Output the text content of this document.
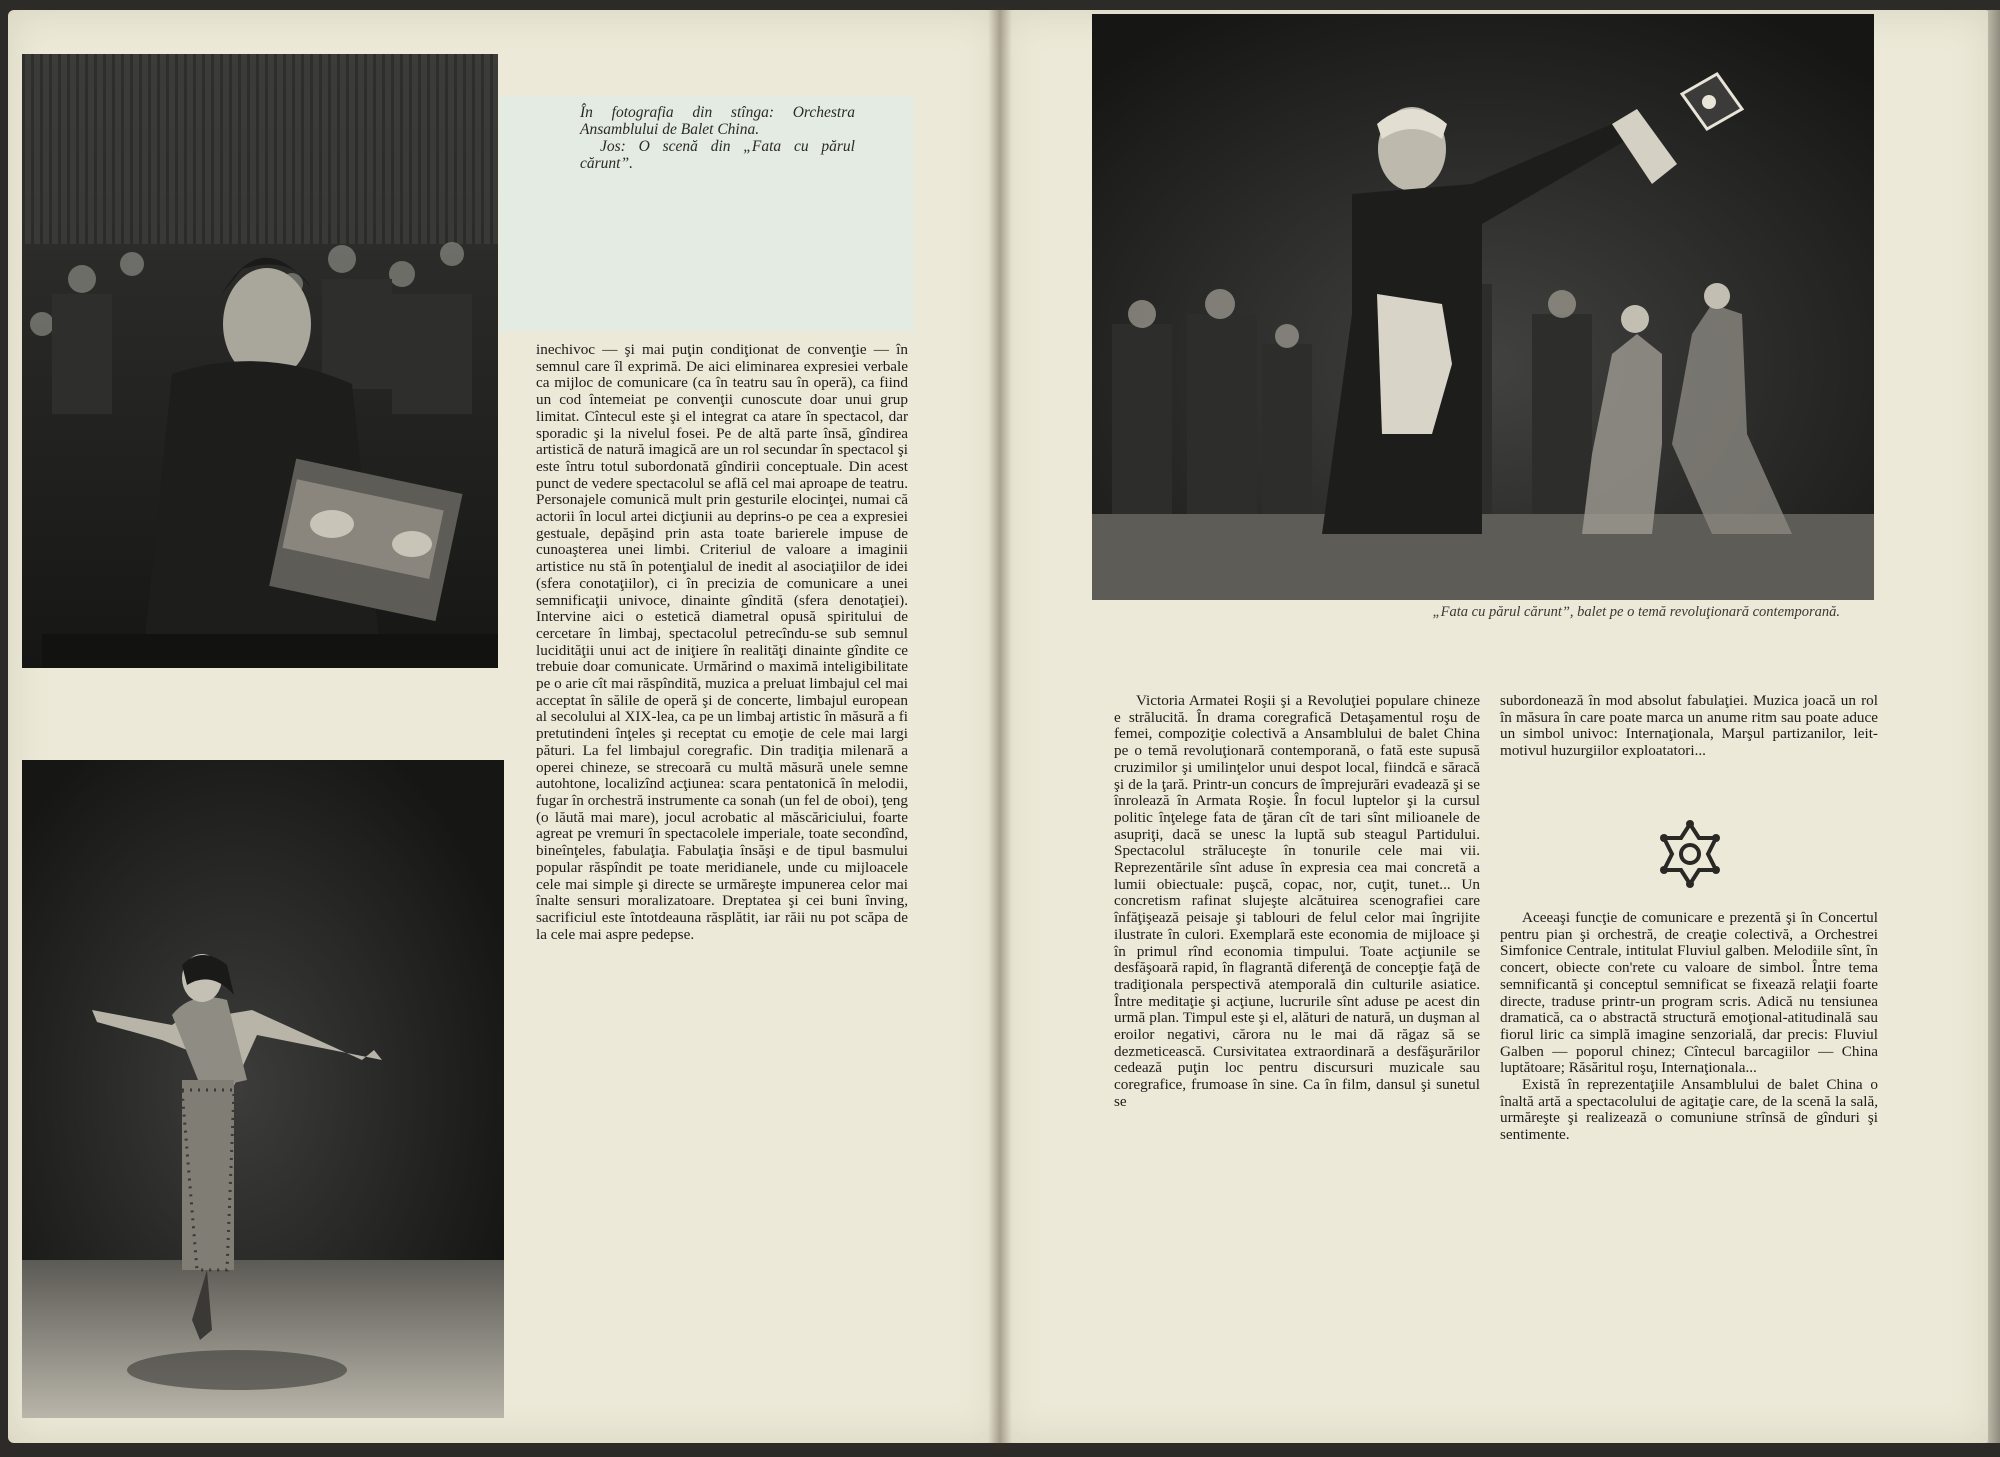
În fotografia din stînga: Orchestra Ansamblului de Balet China.

Jos: O scenă din „Fata cu părul cărunt”.

inechivoc — şi mai puţin condiţionat de convenţie — în semnul care îl exprimă. De aici eliminarea expresiei verbale ca mijloc de comunicare (ca în teatru sau în operă), ca fiind un cod întemeiat pe convenţii cunoscute doar unui grup limitat. Cîntecul este şi el integrat ca atare în spectacol, dar sporadic şi la nivelul fosei. Pe de altă parte însă, gîndirea artistică de natură imagică are un rol secundar în spectacol şi este întru totul subordonată gîndirii conceptuale. Din acest punct de vedere spectacolul se află cel mai aproape de teatru. Personajele comunică mult prin gesturile elocinţei, numai că actorii în locul artei dicţiunii au deprins-o pe cea a expresiei gestuale, depăşind prin asta toate barierele impuse de cunoaşterea unei limbi. Criteriul de valoare a imaginii artistice nu stă în potenţialul de inedit al asociaţiilor de idei (sfera conotaţiilor), ci în precizia de comunicare a unei semnificaţii univoce, dinainte gîndită (sfera denotaţiei). Intervine aici o estetică diametral opusă spiritului de cercetare în limbaj, spectacolul petrecîndu-se sub semnul lucidităţii unui act de iniţiere în realităţi dinainte gîndite ce trebuie doar comunicate. Urmărind o maximă inteligibilitate pe o arie cît mai răspîndită, muzica a preluat limbajul cel mai acceptat în sălile de operă şi de concerte, limbajul european al secolului al XIX-lea, ca pe un limbaj artistic în măsură a fi pretutindeni înţeles şi receptat cu emoţie de cele mai largi pături. La fel limbajul coregrafic. Din tradiţia milenară a operei chineze, se strecoară cu multă măsură unele semne autohtone, localizînd acţiunea: scara pentatonică în melodii, fugar în orchestră instrumente ca sonah (un fel de oboi), ţeng (o lăută mai mare), jocul acrobatic al măscăriciului, foarte agreat pe vremuri în spectacolele imperiale, toate secondînd, bineînţeles, fabulaţia. Fabulaţia însăşi e de tipul basmului popular răspîndit pe toate meridianele, unde cu mijloacele cele mai simple şi directe se urmăreşte impunerea celor mai înalte sensuri moralizatoare. Dreptatea şi cei buni înving, sacrificiul este întotdeauna răsplătit, iar răii nu pot scăpa de la cele mai aspre pedepse.

„Fata cu părul cărunt”, balet pe o temă revoluţionară contemporană.

Victoria Armatei Roşii şi a Revoluţiei populare chineze e strălucită. În drama coregrafică Detaşamentul roşu de femei, compoziţie colectivă a Ansamblului de balet China pe o temă revoluţionară contemporană, o fată este supusă cruzimilor şi umilinţelor unui despot local, fiindcă e săracă şi de la ţară. Printr-un concurs de împrejurări evadează şi se înrolează în Armata Roşie. În focul luptelor şi la cursul politic înţelege fata de ţăran cît de tari sînt milioanele de asupriţi, dacă se unesc la luptă sub steagul Partidului. Spectacolul străluceşte în tonurile cele mai vii. Reprezentările sînt aduse în expresia cea mai concretă a lumii obiectuale: puşcă, copac, nor, cuţit, tunet... Un concretism rafinat slujeşte alcătuirea scenografiei care înfăţişează peisaje şi tablouri de felul celor mai îngrijite ilustrate în culori. Exemplară este economia de mijloace şi în primul rînd economia timpului. Toate acţiunile se desfăşoară rapid, în flagrantă diferenţă de concepţie faţă de tradiţionala perspectivă atemporală din culturile asiatice. Între meditaţie şi acţiune, lucrurile sînt aduse pe acest din urmă plan. Timpul este şi el, alături de natură, un duşman al eroilor negativi, cărora nu le mai dă răgaz să se dezmeticească. Cursivitatea extraordinară a desfăşurărilor cedează puţin loc pentru discursuri muzicale sau coregrafice, frumoase în sine. Ca în film, dansul şi sunetul se

subordonează în mod absolut fabulaţiei. Muzica joacă un rol în măsura în care poate marca un anume ritm sau poate aduce un simbol univoc: Internaţionala, Marşul partizanilor, leit-motivul huzurgiilor exploatatori...

Aceeaşi funcţie de comunicare e prezentă şi în Concertul pentru pian şi orchestră, de creaţie colectivă, a Orchestrei Simfonice Centrale, intitulat Fluviul galben. Melodiile sînt, în concert, obiecte con'rete cu valoare de simbol. Între tema semnificantă şi conceptul semnificat se fixează relaţii foarte directe, traduse printr-un program scris. Adică nu tensiunea dramatică, ca o abstractă structură emoţional-atitudinală sau fiorul liric ca simplă imagine senzorială, dar precis: Fluviul Galben — poporul chinez; Cîntecul barcagiilor — China luptătoare; Răsăritul roşu, Internaţionala...

Există în reprezentaţiile Ansamblului de balet China o înaltă artă a spectacolului de agitaţie care, de la scenă la sală, urmăreşte şi realizează o comuniune strînsă de gînduri şi sentimente.
